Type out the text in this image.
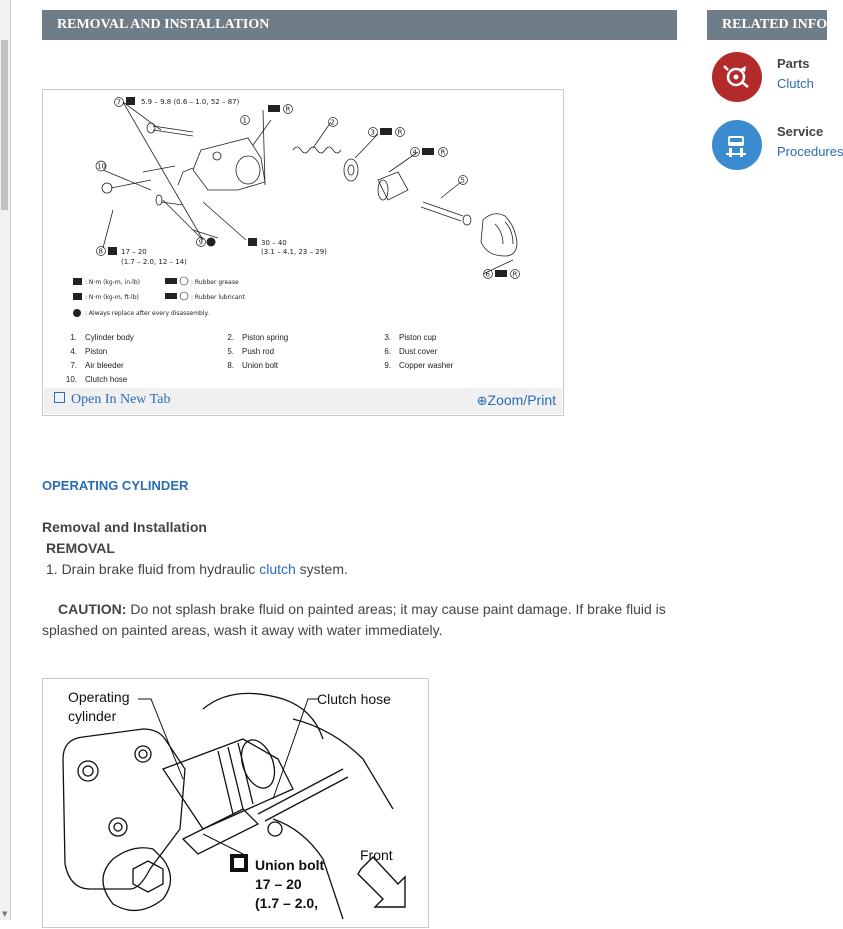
▼
REMOVAL AND INSTALLATION	RELATED INFO
Parts
Clutch
Service
Procedures
7	5.9 – 9.8 (0.6 – 1.0, 52 – 87)
1
R
2
3	R
4	R
5
6	R
10
8	17 – 20
(1.7 – 2.0, 12 – 14)
9	30 – 40
(3.1 – 4.1, 23 – 29)
: N·m (kg-m, in-lb)
: N·m (kg-m, ft-lb)
: Always replace after every disassembly.
: Rubber grease
: Rubber lubricant
1.	Cylinder body	2.	Piston spring	3.	Piston cup
4.	Piston	5.	Push rod	6.	Dust cover
7.	Air bleeder	8.	Union bolt	9.	Copper washer
10.	Clutch hose				
Open In New Tab	⊕Zoom/Print
OPERATING CYLINDER
Removal and Installation
REMOVAL
1. Drain brake fluid from hydraulic clutch system.
CAUTION: Do not splash brake fluid on painted areas; it may cause paint damage. If brake fluid is
splashed on painted areas, wash it away with water immediately.
Operating
cylinder
Clutch hose
Union bolt
17 – 20
(1.7 – 2.0,
Front
